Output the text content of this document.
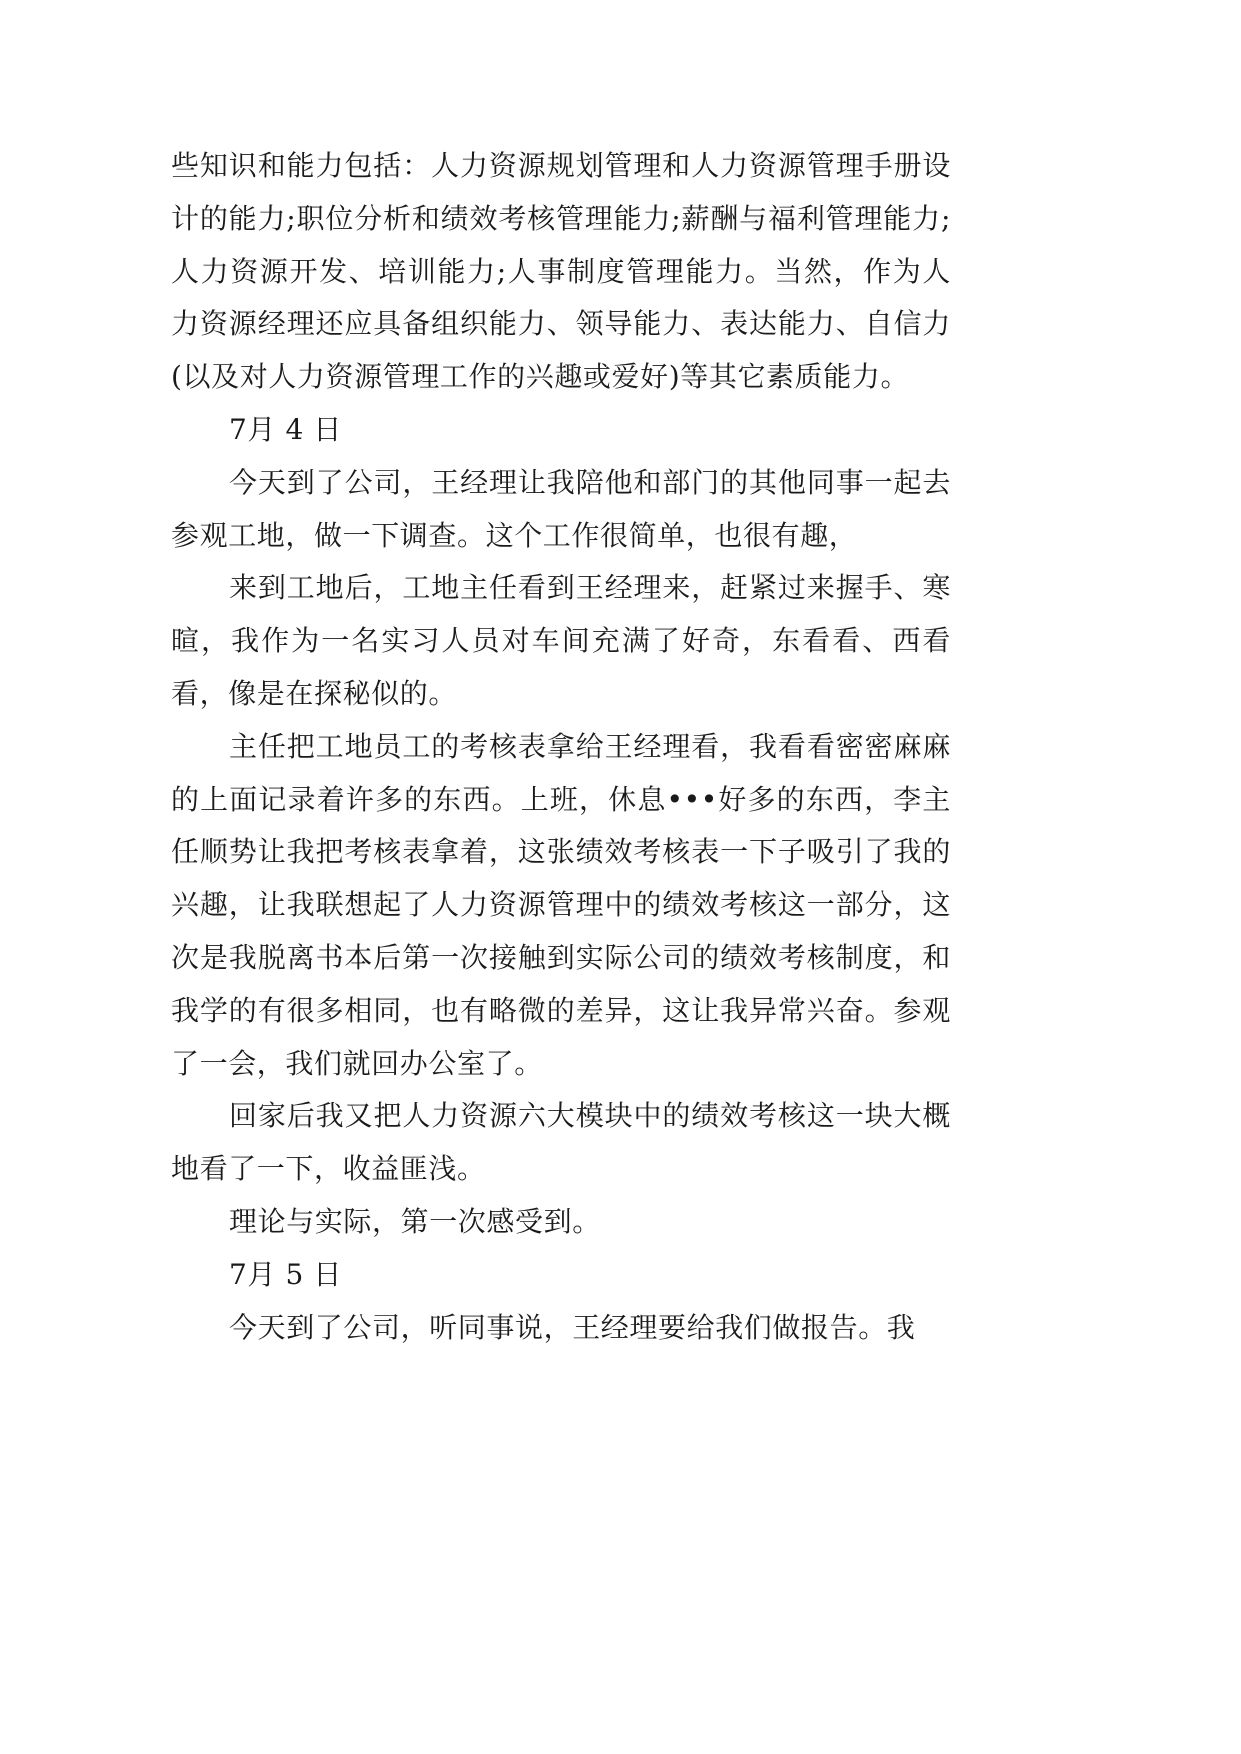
些知识和能力包括：人力资源规划管理和人力资源管理手册设计的能力;职位分析和绩效考核管理能力;薪酬与福利管理能力;人力资源开发、培训能力;人事制度管理能力。当然，作为人力资源经理还应具备组织能力、领导能力、表达能力、自信力(以及对人力资源管理工作的兴趣或爱好)等其它素质能力。

7月 4 日

今天到了公司，王经理让我陪他和部门的其他同事一起去参观工地，做一下调查。这个工作很简单，也很有趣，

来到工地后，工地主任看到王经理来，赶紧过来握手、寒暄，我作为一名实习人员对车间充满了好奇，东看看、西看看，像是在探秘似的。

主任把工地员工的考核表拿给王经理看，我看看密密麻麻的上面记录着许多的东西。上班，休息•••好多的东西，李主任顺势让我把考核表拿着，这张绩效考核表一下子吸引了我的兴趣，让我联想起了人力资源管理中的绩效考核这一部分，这次是我脱离书本后第一次接触到实际公司的绩效考核制度，和我学的有很多相同，也有略微的差异，这让我异常兴奋。参观了一会，我们就回办公室了。

回家后我又把人力资源六大模块中的绩效考核这一块大概地看了一下，收益匪浅。

理论与实际，第一次感受到。

7月 5 日

今天到了公司，听同事说，王经理要给我们做报告。我
